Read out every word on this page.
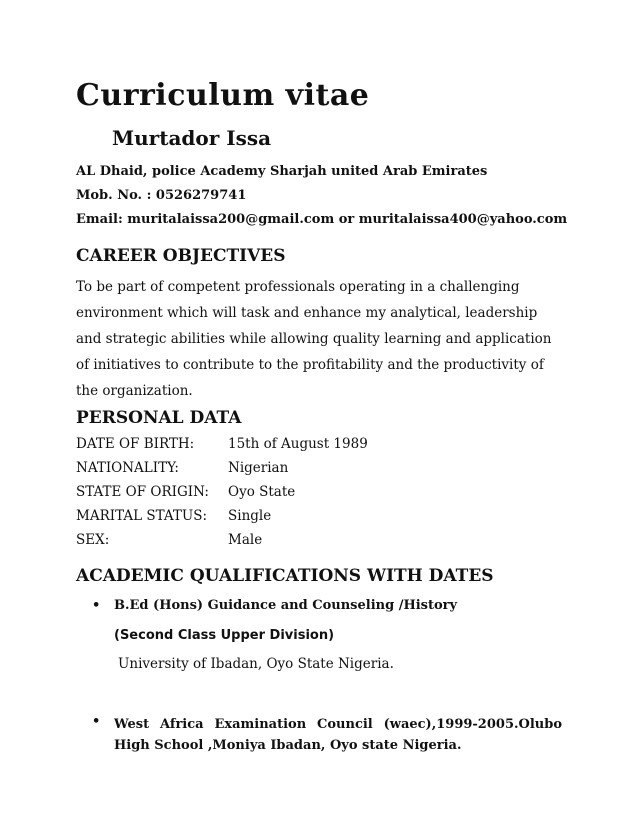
Curriculum vitae
Murtador Issa
AL Dhaid, police Academy Sharjah united Arab Emirates
Mob. No. : 0526279741
Email: muritalaissa200@gmail.com or muritalaissa400@yahoo.com
CAREER OBJECTIVES

To be part of competent professionals operating in a challenging environment which will task and enhance my analytical, leadership and strategic abilities while allowing quality learning and application of initiatives to contribute to the profitability and the productivity of the organization.

PERSONAL DATA
DATE OF BIRTH:	15th of August 1989
NATIONALITY:	Nigerian
STATE OF ORIGIN: Oyo State
MARITAL STATUS: Single
SEX:	Male
ACADEMIC QUALIFICATIONS WITH DATES
• B.Ed (Hons) Guidance and Counseling /History
(Second Class Upper Division)
University of Ibadan, Oyo State Nigeria.
• West Africa Examination Council (waec),1999-2005.Olubo High School ,Moniya Ibadan, Oyo state Nigeria.
